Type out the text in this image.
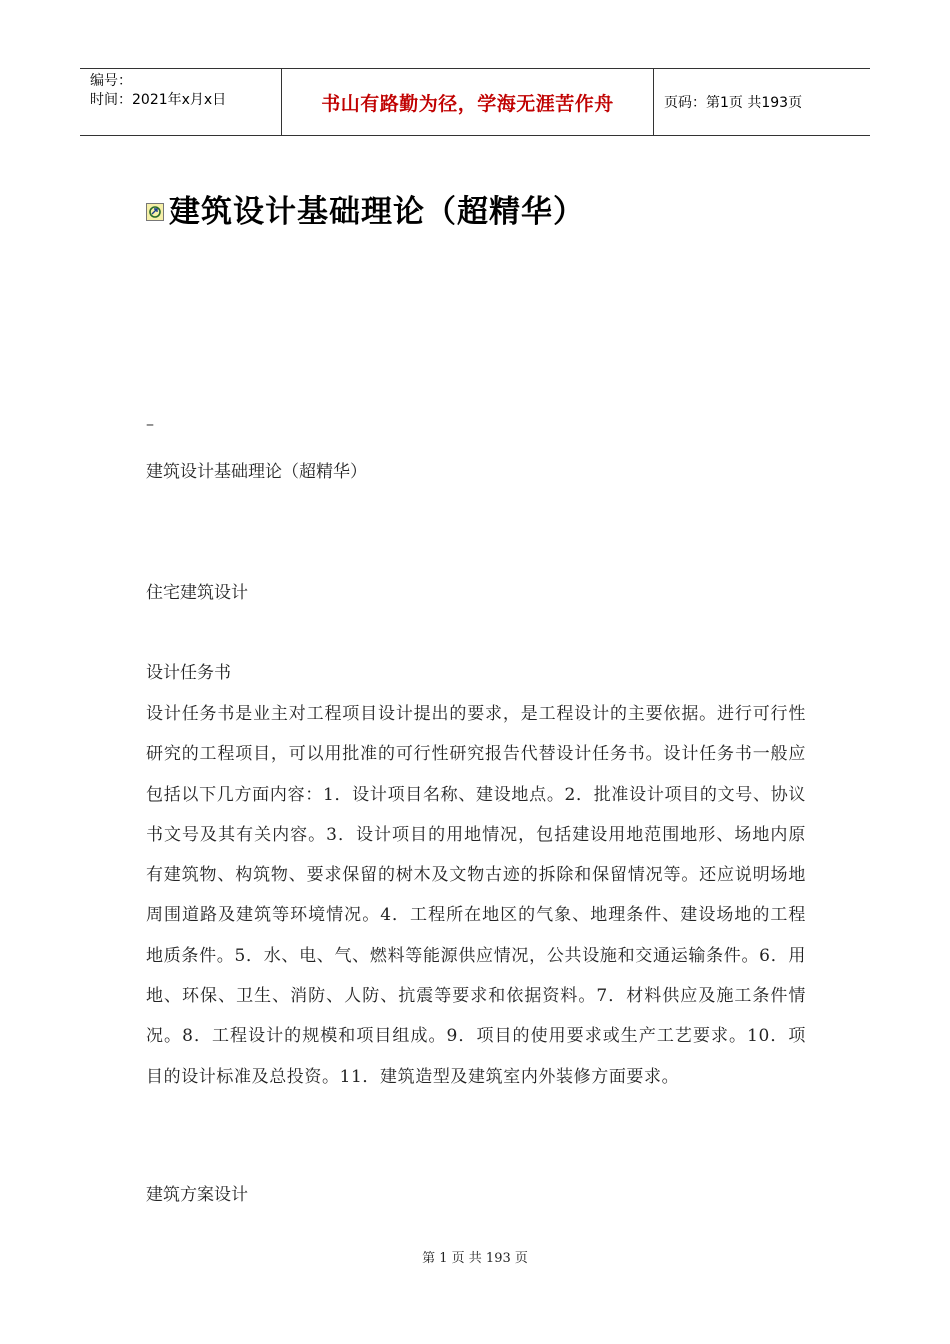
编号：
时间：2021年x月x日	书山有路勤为径，学海无涯苦作舟	页码：第1页 共193页
建筑设计基础理论（超精华）
–
建筑设计基础理论（超精华）
住宅建筑设计
设计任务书
设计任务书是业主对工程项目设计提出的要求，是工程设计的主要依据。进行可行性研究的工程项目，可以用批准的可行性研究报告代替设计任务书。设计任务书一般应包括以下几方面内容：1．设计项目名称、建设地点。2．批准设计项目的文号、协议书文号及其有关内容。3．设计项目的用地情况，包括建设用地范围地形、场地内原有建筑物、构筑物、要求保留的树木及文物古迹的拆除和保留情况等。还应说明场地周围道路及建筑等环境情况。4．工程所在地区的气象、地理条件、建设场地的工程地质条件。5．水、电、气、燃料等能源供应情况，公共设施和交通运输条件。6．用地、环保、卫生、消防、人防、抗震等要求和依据资料。7．材料供应及施工条件情况。8．工程设计的规模和项目组成。9．项目的使用要求或生产工艺要求。10．项目的设计标准及总投资。11．建筑造型及建筑室内外装修方面要求。
建筑方案设计
第 1 页 共 193 页
